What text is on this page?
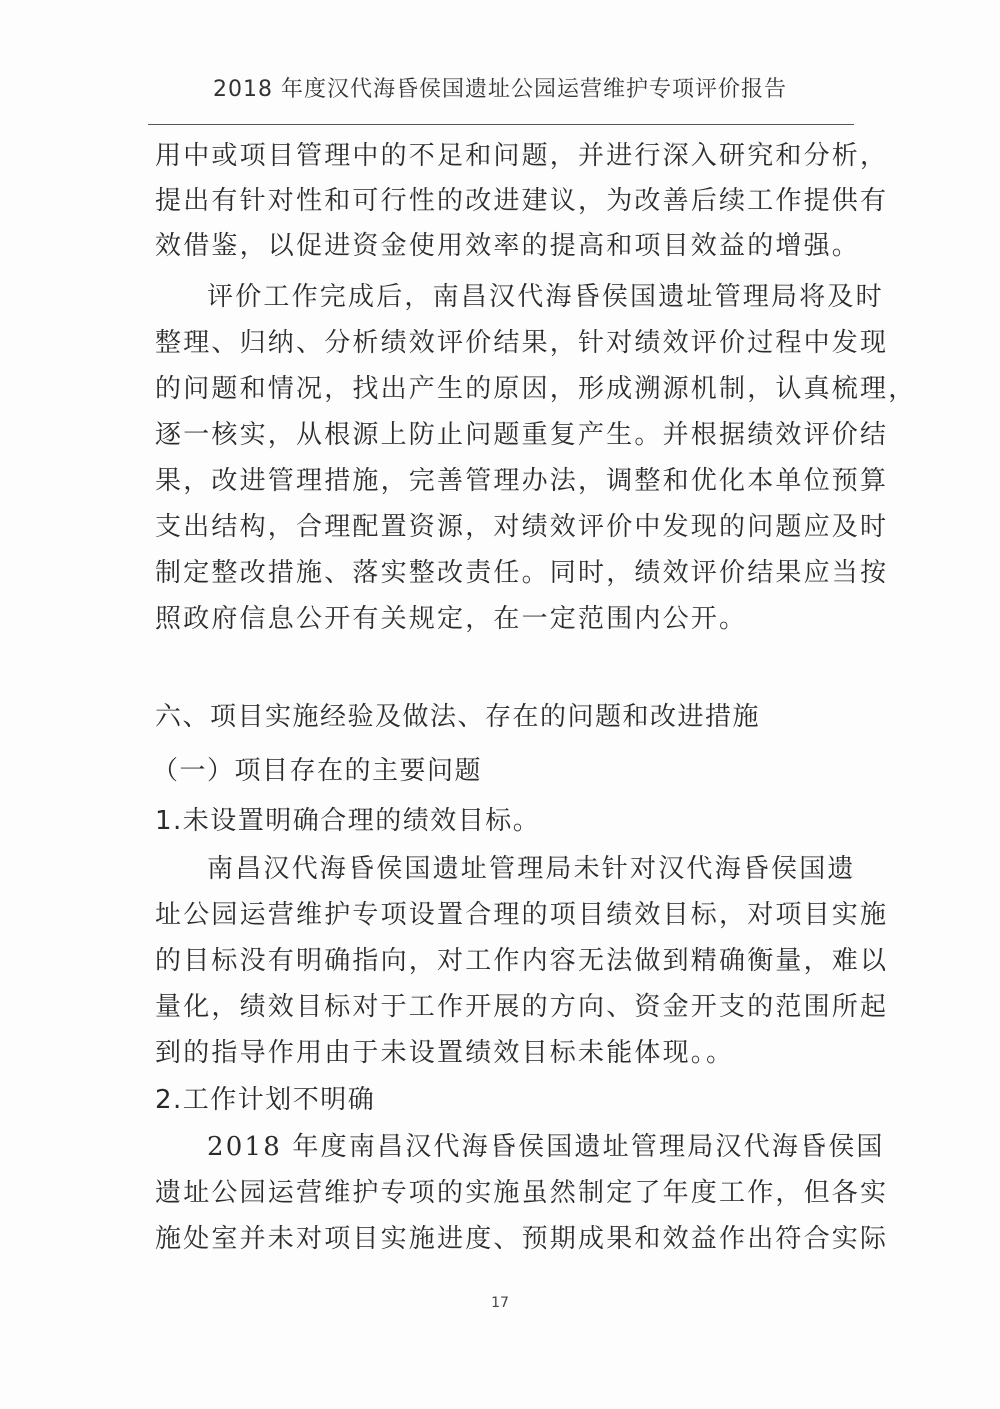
2018 年度汉代海昏侯国遗址公园运营维护专项评价报告
用中或项目管理中的不足和问题，并进行深入研究和分析，
提出有针对性和可行性的改进建议，为改善后续工作提供有
效借鉴，以促进资金使用效率的提高和项目效益的增强。
评价工作完成后，南昌汉代海昏侯国遗址管理局将及时
整理、归纳、分析绩效评价结果，针对绩效评价过程中发现
的问题和情况，找出产生的原因，形成溯源机制，认真梳理，
逐一核实，从根源上防止问题重复产生。并根据绩效评价结
果，改进管理措施，完善管理办法，调整和优化本单位预算
支出结构，合理配置资源，对绩效评价中发现的问题应及时
制定整改措施、落实整改责任。同时，绩效评价结果应当按
照政府信息公开有关规定，在一定范围内公开。
六、项目实施经验及做法、存在的问题和改进措施
（一）项目存在的主要问题
1.未设置明确合理的绩效目标。
南昌汉代海昏侯国遗址管理局未针对汉代海昏侯国遗
址公园运营维护专项设置合理的项目绩效目标，对项目实施
的目标没有明确指向，对工作内容无法做到精确衡量，难以
量化，绩效目标对于工作开展的方向、资金开支的范围所起
到的指导作用由于未设置绩效目标未能体现。。
2.工作计划不明确
2018 年度南昌汉代海昏侯国遗址管理局汉代海昏侯国
遗址公园运营维护专项的实施虽然制定了年度工作，但各实
施处室并未对项目实施进度、预期成果和效益作出符合实际
17
